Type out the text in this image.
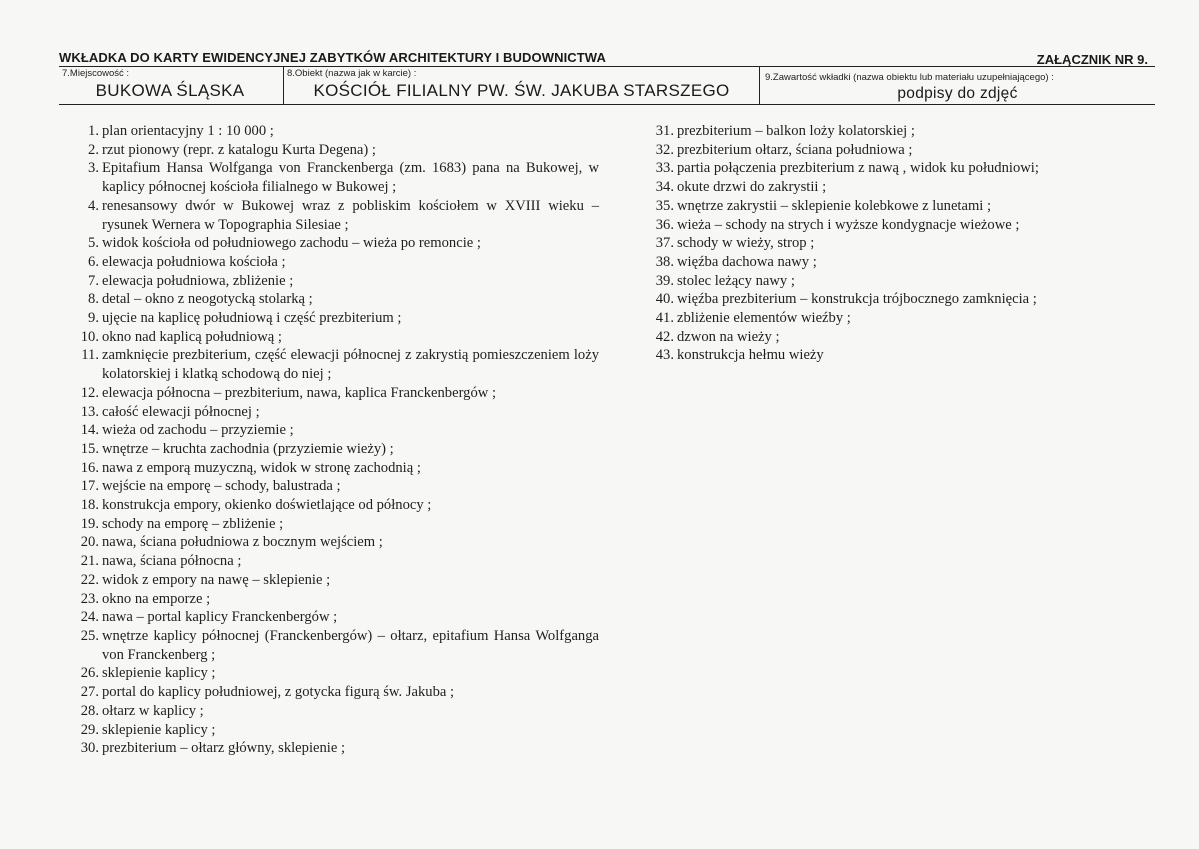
WKŁADKA DO KARTY EWIDENCYJNEJ ZABYTKÓW ARCHITEKTURY I BUDOWNICTWA	ZAŁĄCZNIK NR 9.
7.Miejscowość :
BUKOWA ŚLĄSKA
8.Obiekt (nazwa jak w karcie) :
KOŚCIÓŁ FILIALNY PW. ŚW. JAKUBA STARSZEGO
9.Zawartość wkładki (nazwa obiektu lub materiału uzupełniającego) :
podpisy do zdjęć
1. plan orientacyjny 1 : 10 000 ;
2. rzut pionowy (repr. z katalogu Kurta Degena) ;
3. Epitafium Hansa Wolfganga von Franckenberga (zm. 1683) pana na Bukowej, w kaplicy północnej kościoła filialnego w Bukowej ;
4. renesansowy dwór w Bukowej wraz z pobliskim kościołem w XVIII wieku – rysunek Wernera w Topographia Silesiae ;
5. widok kościoła od południowego zachodu – wieża po remoncie ;
6. elewacja południowa kościoła ;
7. elewacja południowa, zbliżenie ;
8. detal – okno z neogotycką stolarką ;
9. ujęcie na kaplicę południową i część prezbiterium ;
10. okno nad kaplicą południową ;
11. zamknięcie prezbiterium, część elewacji północnej z zakrystią pomieszczeniem loży kolatorskiej i klatką schodową do niej ;
12. elewacja północna – prezbiterium, nawa, kaplica Franckenbergów ;
13. całość elewacji północnej ;
14. wieża od zachodu – przyziemie ;
15. wnętrze – kruchta zachodnia (przyziemie wieży) ;
16. nawa z emporą muzyczną, widok w stronę zachodnią ;
17. wejście na emporę – schody, balustrada ;
18. konstrukcja empory, okienko doświetlające od północy ;
19. schody na emporę – zbliżenie ;
20. nawa, ściana południowa z bocznym wejściem ;
21. nawa, ściana północna ;
22. widok z empory na nawę – sklepienie ;
23. okno na emporze ;
24. nawa – portal kaplicy Franckenbergów ;
25. wnętrze kaplicy północnej (Franckenbergów) – ołtarz, epitafium Hansa Wolfganga von Franckenberg ;
26. sklepienie kaplicy ;
27. portal do kaplicy południowej, z gotycka figurą św. Jakuba ;
28. ołtarz w kaplicy ;
29. sklepienie kaplicy ;
30. prezbiterium – ołtarz główny, sklepienie ;
31. prezbiterium – balkon loży kolatorskiej ;
32. prezbiterium ołtarz, ściana południowa ;
33. partia połączenia prezbiterium z nawą , widok ku południowi;
34. okute drzwi do zakrystii ;
35. wnętrze zakrystii – sklepienie kolebkowe z lunetami ;
36. wieża – schody na strych i wyższe kondygnacje wieżowe ;
37. schody w wieży, strop ;
38. więźba dachowa nawy ;
39. stolec leżący nawy ;
40. więźba prezbiterium – konstrukcja trójbocznego zamknięcia ;
41. zbliżenie elementów wieźby ;
42. dzwon na wieży ;
43. konstrukcja hełmu wieży
